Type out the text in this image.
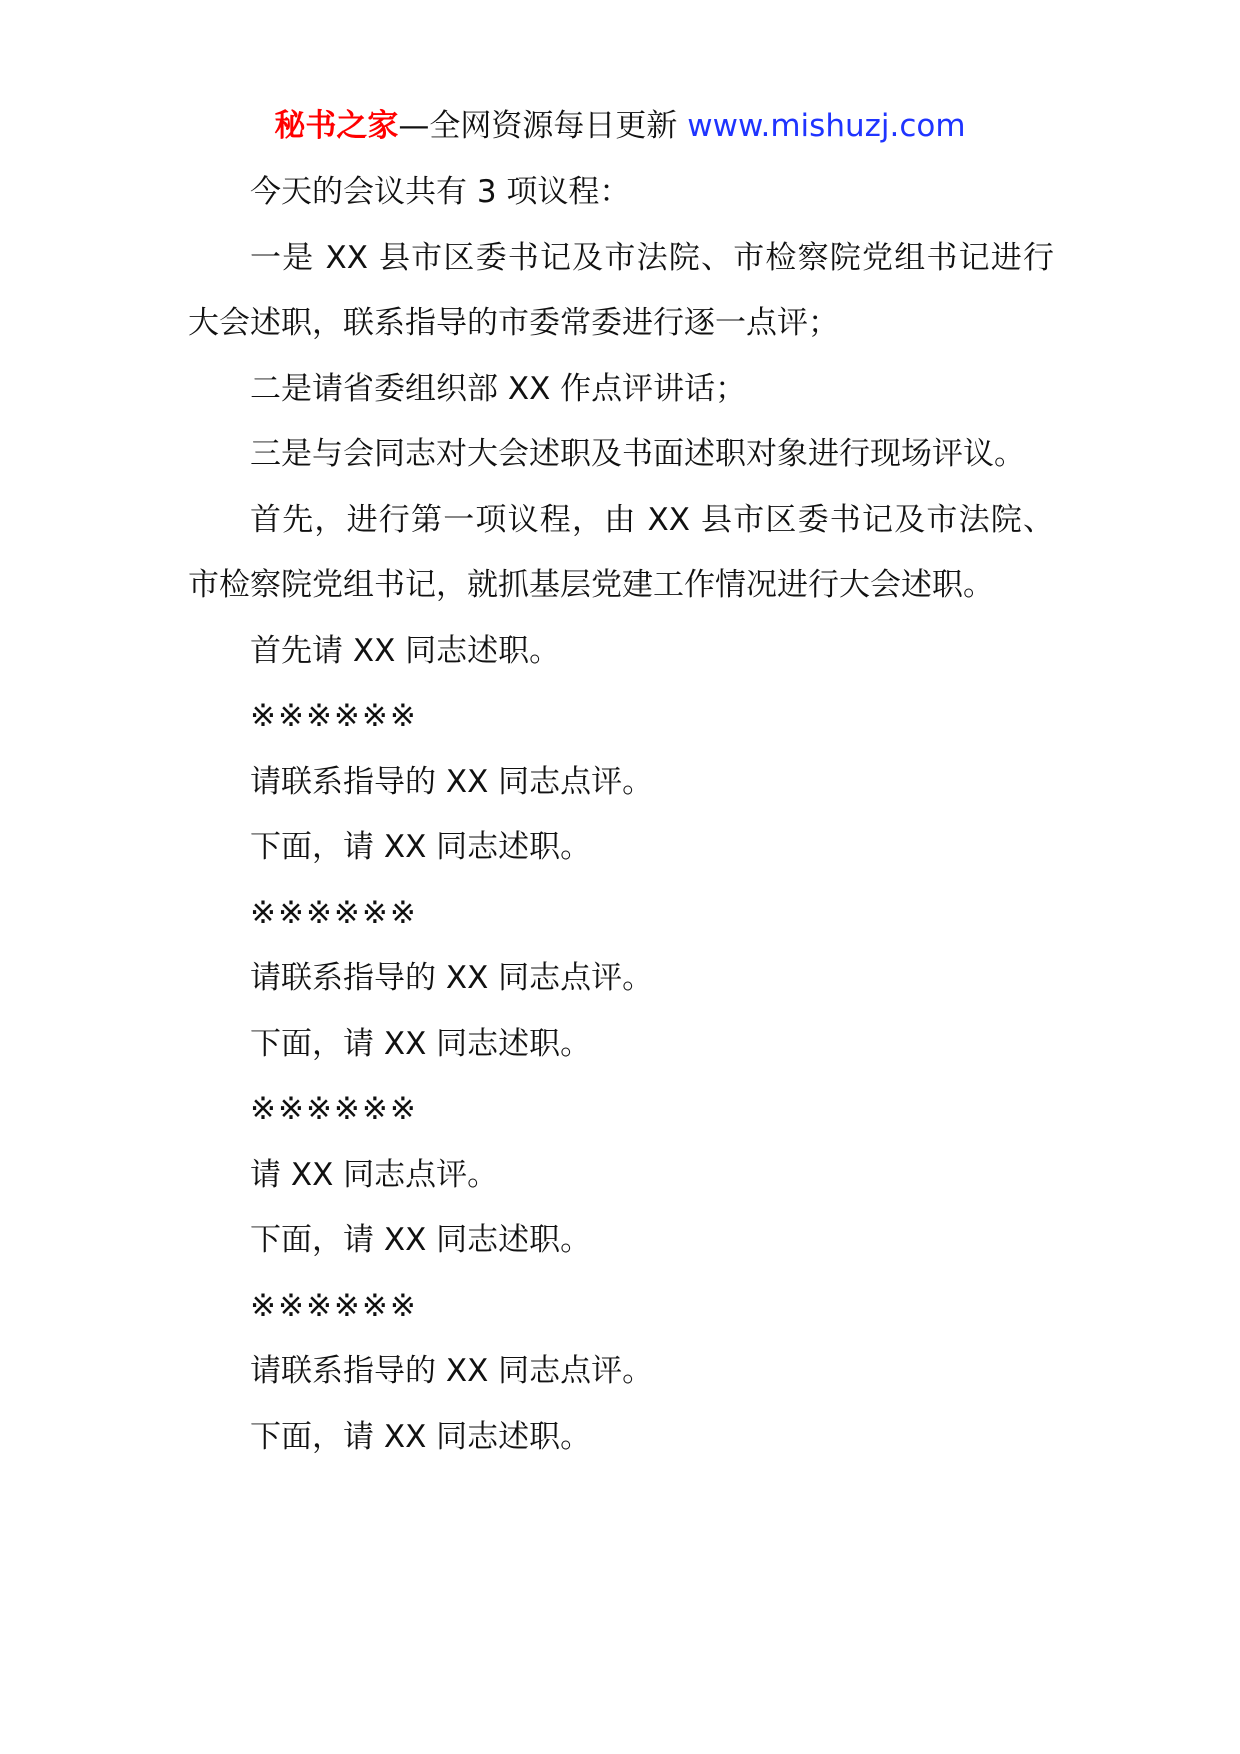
秘书之家—全网资源每日更新 www.mishuzj.com

今天的会议共有 3 项议程：

一是 XX 县市区委书记及市法院、市检察院党组书记进行大会述职，联系指导的市委常委进行逐一点评；

二是请省委组织部 XX 作点评讲话；

三是与会同志对大会述职及书面述职对象进行现场评议。

首先，进行第一项议程，由 XX 县市区委书记及市法院、市检察院党组书记，就抓基层党建工作情况进行大会述职。

首先请 XX 同志述职。

※※※※※※

请联系指导的 XX 同志点评。

下面，请 XX 同志述职。

※※※※※※

请联系指导的 XX 同志点评。

下面，请 XX 同志述职。

※※※※※※

请 XX 同志点评。

下面，请 XX 同志述职。

※※※※※※

请联系指导的 XX 同志点评。

下面，请 XX 同志述职。
